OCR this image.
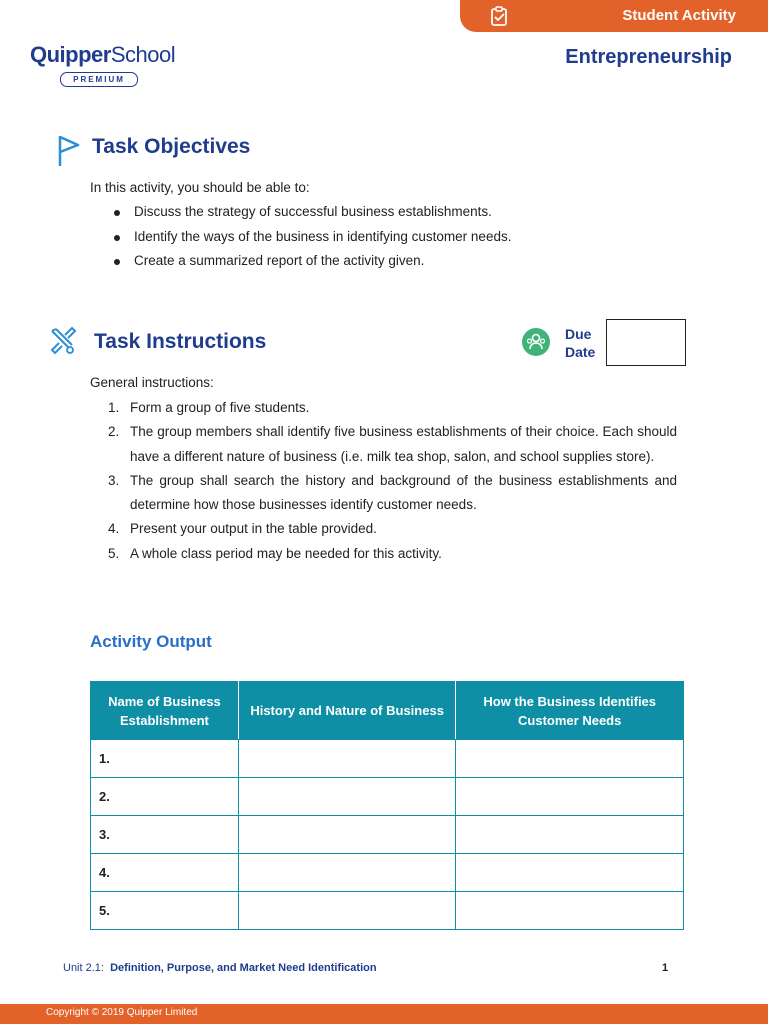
Student Activity
Entrepreneurship
QuipperSchool
PREMIUM
Task Objectives
In this activity, you should be able to:
Discuss the strategy of successful business establishments.
Identify the ways of the business in identifying customer needs.
Create a summarized report of the activity given.
Task Instructions	Due
Date
General instructions:
1. Form a group of five students.
2. The group members shall identify five business establishments of their choice. Each should have a different nature of business (i.e. milk tea shop, salon, and school supplies store).
3. The group shall search the history and background of the business establishments and determine how those businesses identify customer needs.
4. Present your output in the table provided.
5. A whole class period may be needed for this activity.
Activity Output
Name of Business Establishment	History and Nature of Business	How the Business Identifies Customer Needs
1.		
2.		
3.		
4.		
5.		
Unit 2.1: Definition, Purpose, and Market Need Identification	1
Copyright © 2019 Quipper Limited
